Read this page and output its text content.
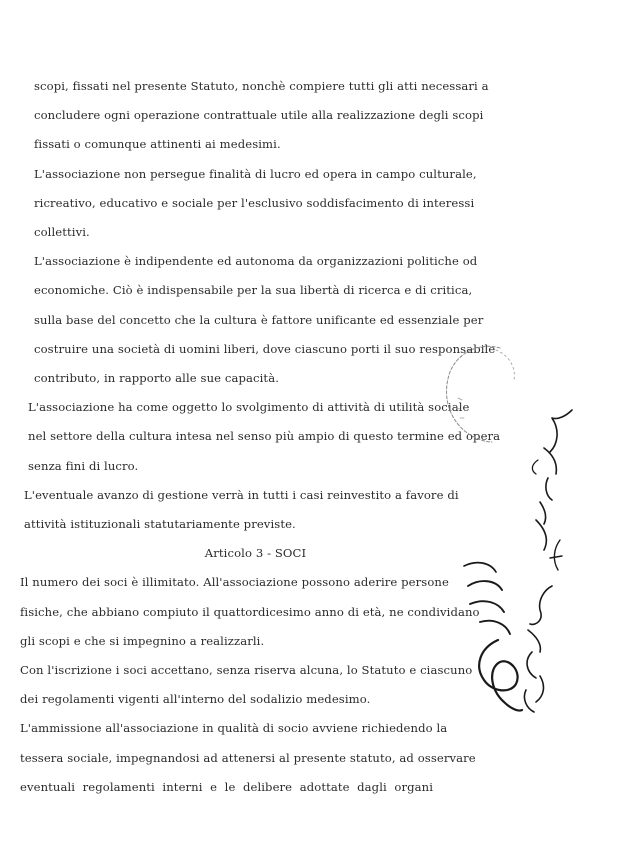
scopi, fissati nel presente Statuto, nonchè compiere tutti gli atti necessari a
concludere ogni operazione contrattuale utile alla realizzazione degli scopi
fissati o comunque attinenti ai medesimi.
L'associazione non persegue finalità di lucro ed opera in campo culturale,
ricreativo, educativo e sociale per l'esclusivo soddisfacimento di interessi
collettivi.
L'associazione è indipendente ed autonoma da organizzazioni politiche od
economiche. Ciò è indispensabile per la sua libertà di ricerca e di critica,
sulla base del concetto che la cultura è fattore unificante ed essenziale per
costruire una società di uomini liberi, dove ciascuno porti il suo responsabile
contributo, in rapporto alle sue capacità.
L'associazione ha come oggetto lo svolgimento di attività di utilità sociale
nel settore della cultura intesa nel senso più ampio di questo termine ed opera
senza fini di lucro.
L'eventuale avanzo di gestione verrà in tutti i casi reinvestito a favore di
attività istituzionali statutariamente previste.
Articolo 3 - SOCI
Il numero dei soci è illimitato. All'associazione possono aderire persone
fisiche, che abbiano compiuto il quattordicesimo anno di età, ne condividano
gli scopi e che si impegnino a realizzarli.
Con l'iscrizione i soci accettano, senza riserva alcuna, lo Statuto e ciascuno
dei regolamenti vigenti all'interno del sodalizio medesimo.
L'ammissione all'associazione in qualità di socio avviene richiedendo la
tessera sociale, impegnandosi ad attenersi al presente statuto, ad osservare
eventuali regolamenti interni e le delibere adottate dagli organi
